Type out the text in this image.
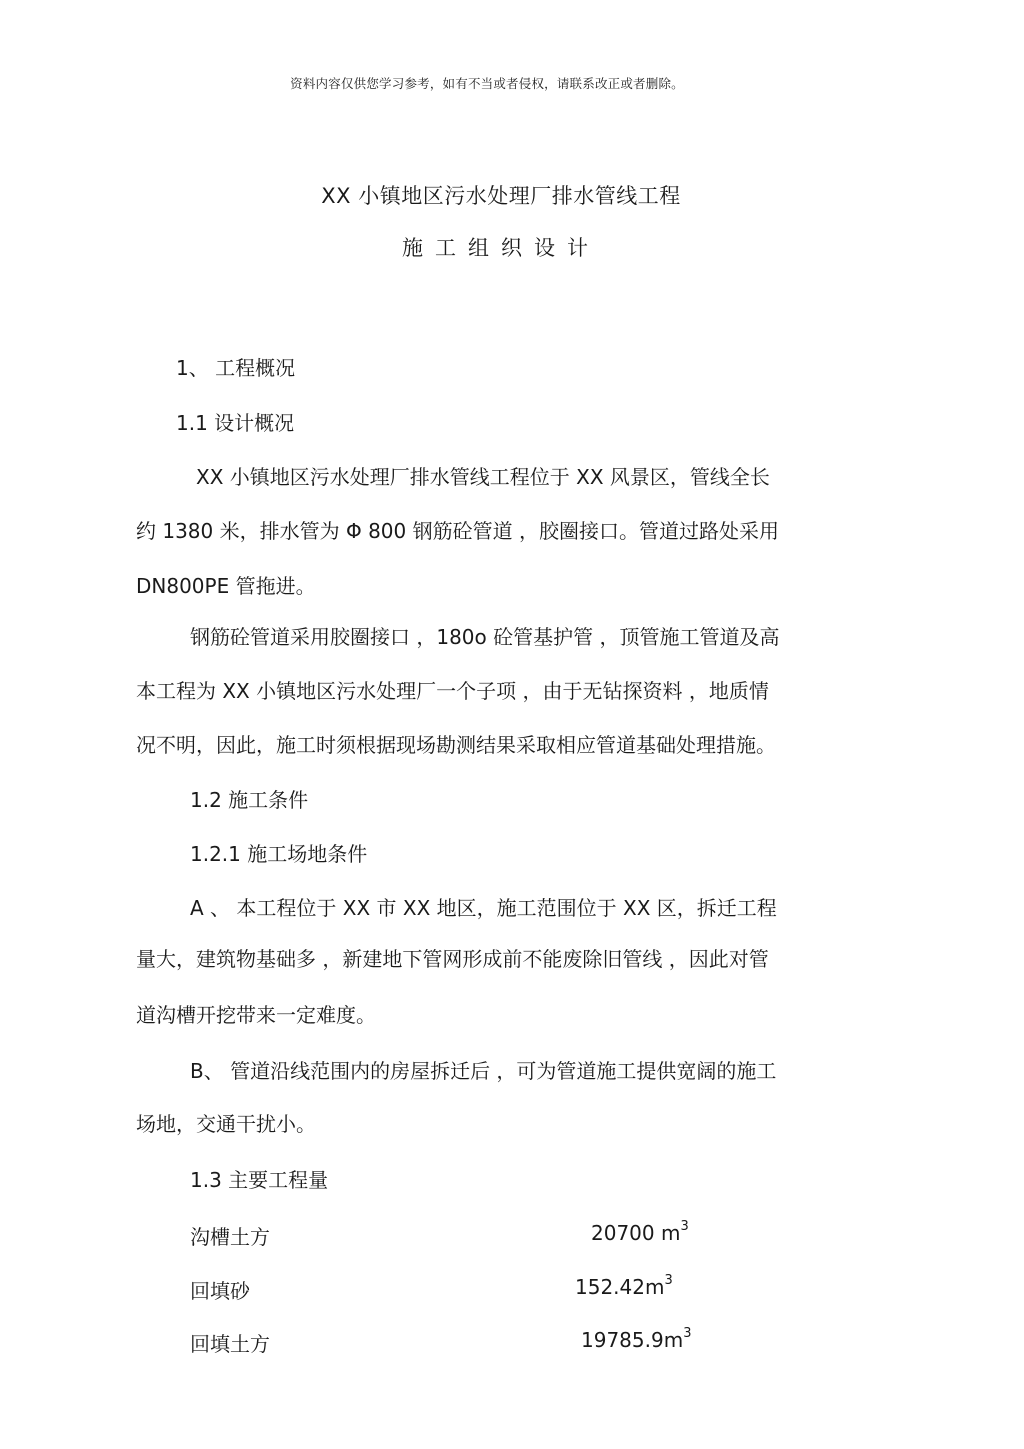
资料内容仅供您学习参考，如有不当或者侵权，请联系改正或者删除。
XX 小镇地区污水处理厂排水管线工程
施工组织设计
1、 工程概况
1.1 设计概况
XX 小镇地区污水处理厂排水管线工程位于 XX 风景区，管线全长
约 1380 米，排水管为 Φ 800 钢筋砼管道 ，胶圈接口。管道过路处采用
DN800PE 管拖进。
钢筋砼管道采用胶圈接口 ，180o 砼管基护管 ，顶管施工管道及高
本工程为 XX 小镇地区污水处理厂一个子项 ，由于无钻探资料 ，地质情
况不明，因此，施工时须根据现场勘测结果采取相应管道基础处理措施。
1.2 施工条件
1.2.1 施工场地条件
A 、 本工程位于 XX 市 XX 地区，施工范围位于 XX 区，拆迁工程
量大，建筑物基础多 ，新建地下管网形成前不能废除旧管线 ，因此对管
道沟槽开挖带来一定难度。
B、 管道沿线范围内的房屋拆迁后 ，可为管道施工提供宽阔的施工
场地，交通干扰小。
1.3 主要工程量
沟槽土方	20700 $m^3$
回填砂	$152.42m^3$
回填土方	$19785.9m^3$
